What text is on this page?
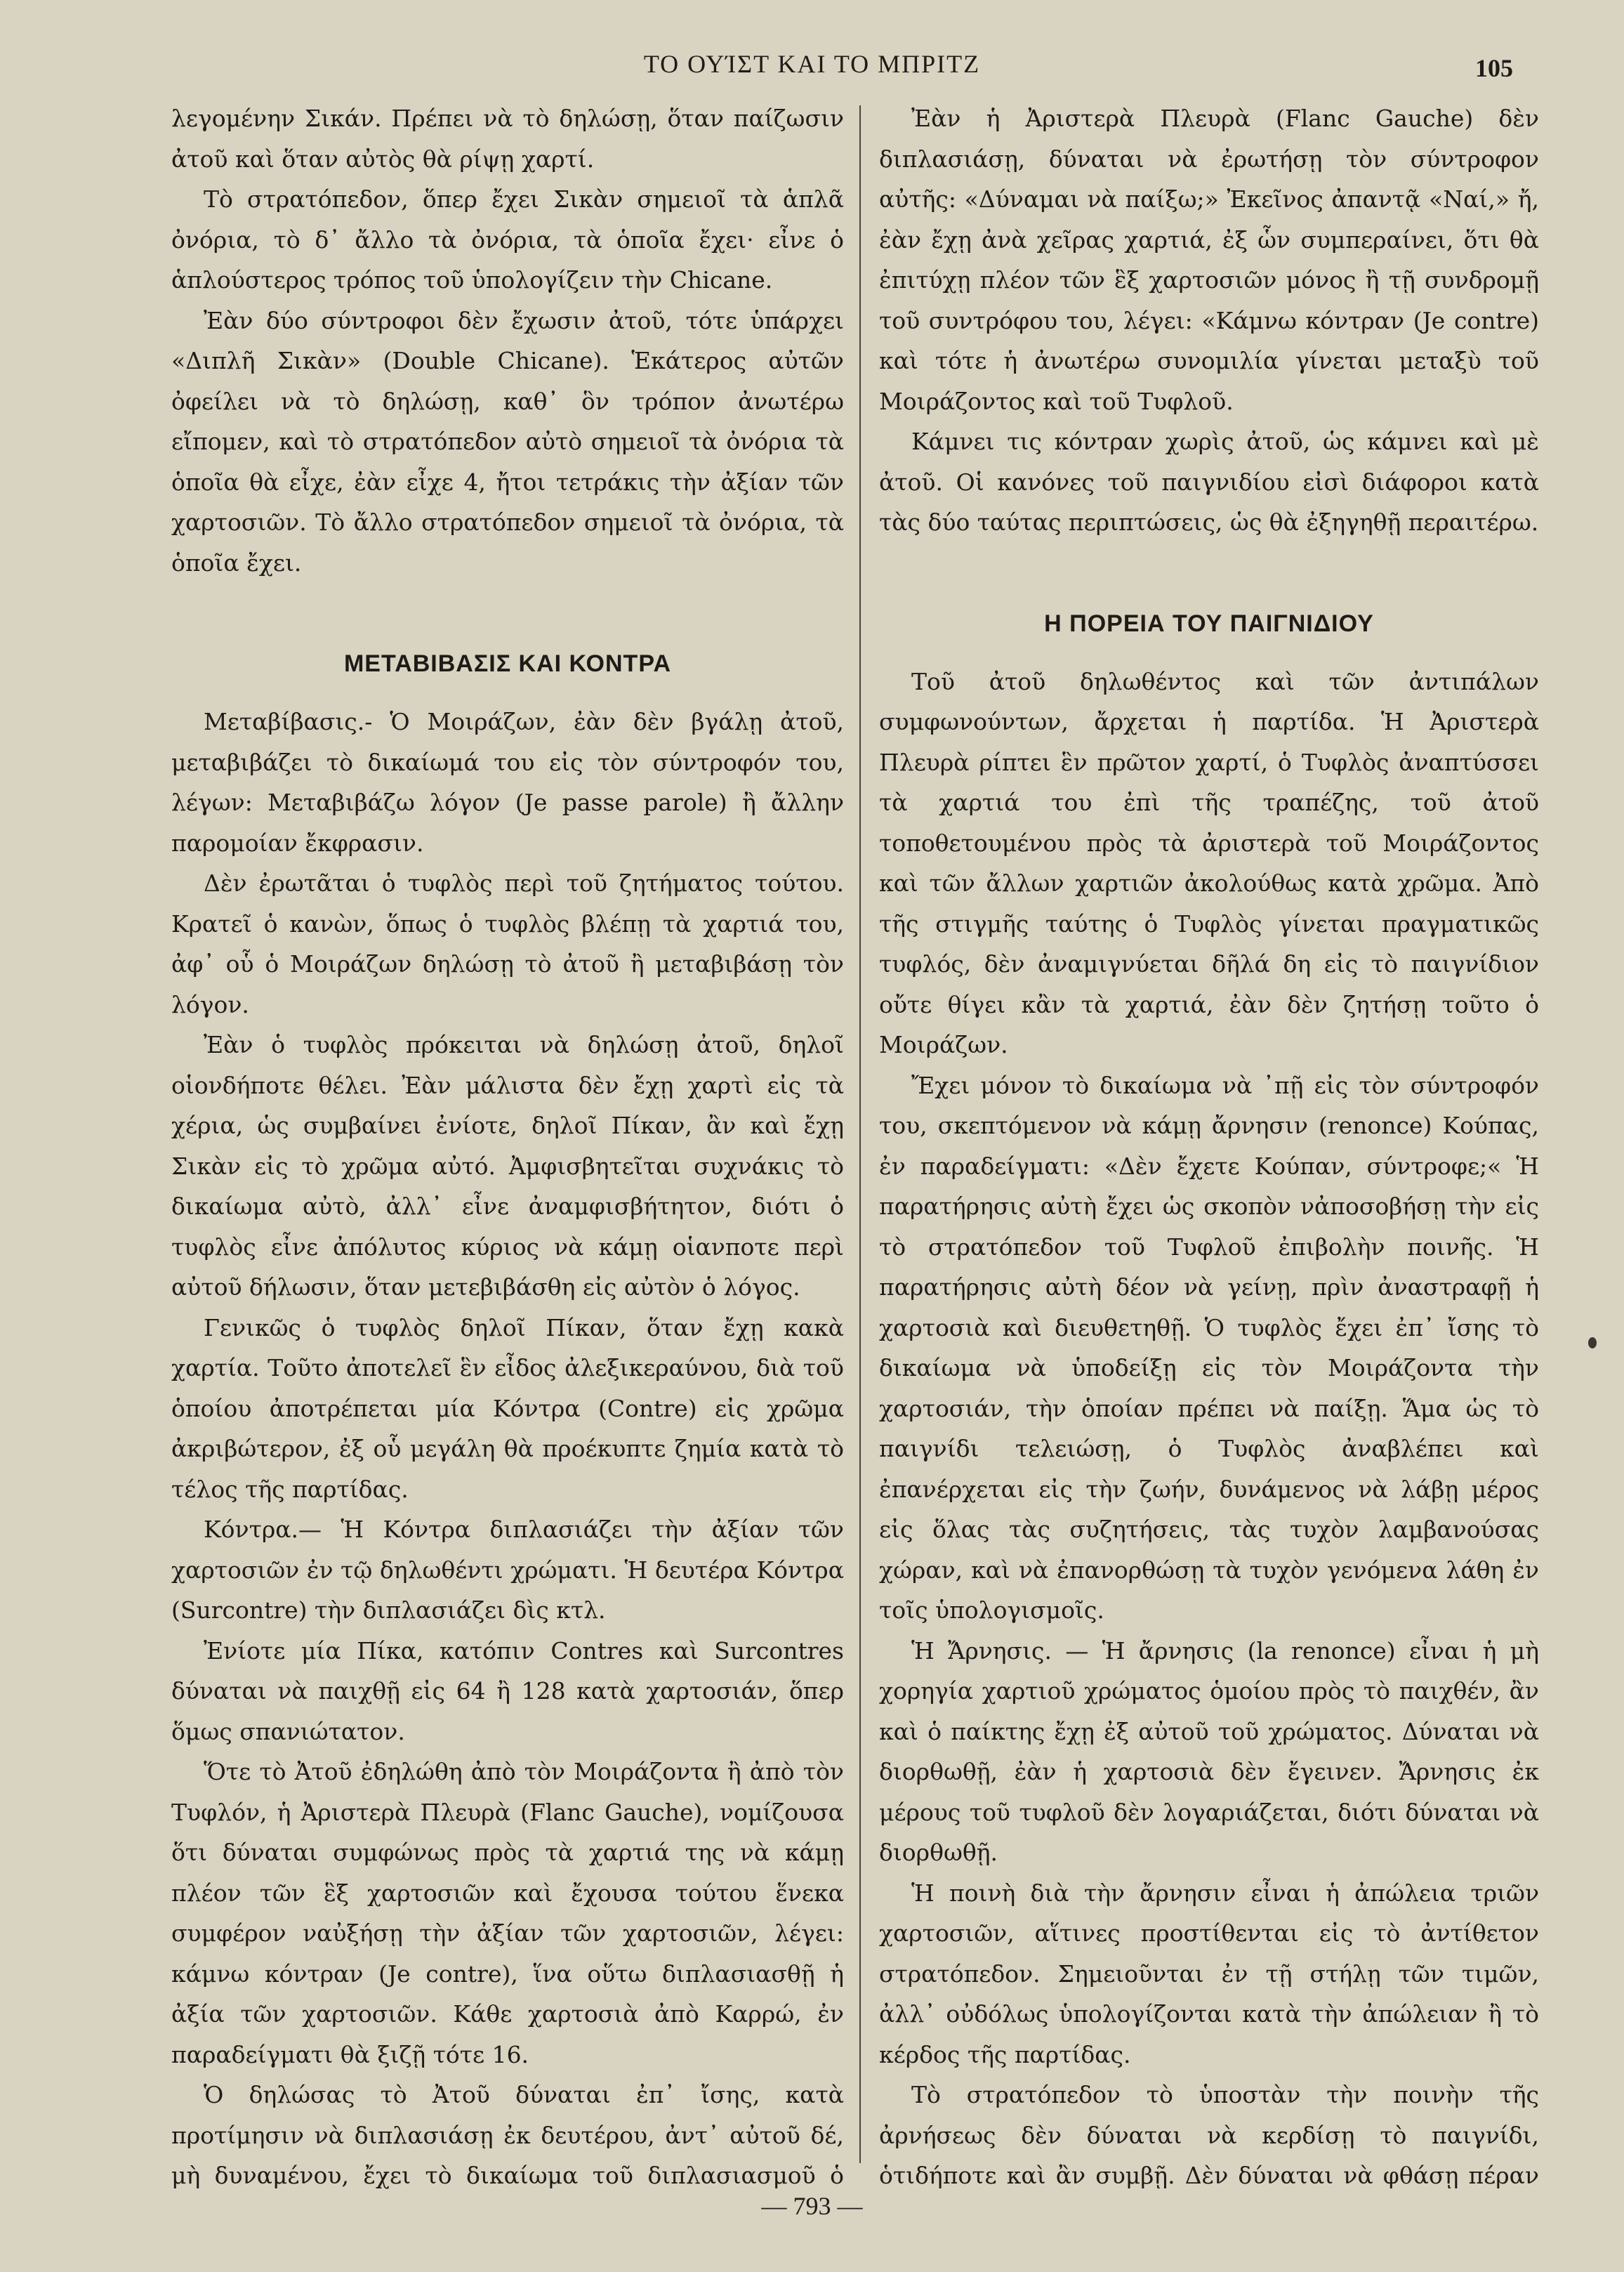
ΤΟ ΟΥΊΣΤ ΚΑΙ ΤΟ ΜΠΡΙΤΖ	105

λεγομένην Σικάν. Πρέπει νὰ τὸ δηλώσῃ, ὅταν παίζωσιν ἀτοῦ καὶ ὅταν αὐτὸς θὰ ρίψῃ χαρτί.

Τὸ στρατόπεδον, ὅπερ ἔχει Σικὰν σημειοῖ τὰ ἁπλᾶ ὀνόρια, τὸ δ᾽ ἄλλο τὰ ὀνόρια, τὰ ὁποῖα ἔχει· εἶνε ὁ ἁπλούστερος τρόπος τοῦ ὑπολογίζειν τὴν Chicane.

Ἐὰν δύο σύντροφοι δὲν ἔχωσιν ἀτοῦ, τότε ὑπάρχει «Διπλῆ Σικὰν» (Double Chicane). Ἑκάτερος αὐτῶν ὀφείλει νὰ τὸ δηλώσῃ, καθ᾽ ὃν τρόπον ἀνωτέρω εἴπομεν, καὶ τὸ στρατόπεδον αὐτὸ σημειοῖ τὰ ὀνόρια τὰ ὁποῖα θὰ εἶχε, ἐὰν εἶχε 4, ἤτοι τετράκις τὴν ἀξίαν τῶν χαρτοσιῶν. Τὸ ἄλλο στρατόπεδον σημειοῖ τὰ ὀνόρια, τὰ ὁποῖα ἔχει.

ΜΕΤΑΒΙΒΑΣΙΣ ΚΑΙ ΚΟΝΤΡΑ

Μεταβίβασις.- Ὁ Μοιράζων, ἐὰν δὲν βγάλῃ ἀτοῦ, μεταβιβάζει τὸ δικαίωμά του εἰς τὸν σύντροφόν του, λέγων: Μεταβιβάζω λόγον (Je passe parole) ἢ ἄλλην παρομοίαν ἔκφρασιν.

Δὲν ἐρωτᾶται ὁ τυφλὸς περὶ τοῦ ζητήματος τούτου. Κρατεῖ ὁ κανὼν, ὅπως ὁ τυφλὸς βλέπῃ τὰ χαρτιά του, ἀφ᾽ οὗ ὁ Μοιράζων δηλώσῃ τὸ ἀτοῦ ἢ μεταβιβάσῃ τὸν λόγον.

Ἐὰν ὁ τυφλὸς πρόκειται νὰ δηλώσῃ ἀτοῦ, δηλοῖ οἱονδήποτε θέλει. Ἐὰν μάλιστα δὲν ἔχῃ χαρτὶ εἰς τὰ χέρια, ὡς συμβαίνει ἐνίοτε, δηλοῖ Πίκαν, ἂν καὶ ἔχῃ Σικὰν εἰς τὸ χρῶμα αὐτό. Ἀμφισβητεῖται συχνάκις τὸ δικαίωμα αὐτὸ, ἀλλ᾽ εἶνε ἀναμφισβήτητον, διότι ὁ τυφλὸς εἶνε ἀπόλυτος κύριος νὰ κάμῃ οἱανποτε περὶ αὐτοῦ δήλωσιν, ὅταν μετεβιβάσθη εἰς αὐτὸν ὁ λόγος.

Γενικῶς ὁ τυφλὸς δηλοῖ Πίκαν, ὅταν ἔχῃ κακὰ χαρτία. Τοῦτο ἀποτελεῖ ἓν εἶδος ἀλεξικεραύνου, διὰ τοῦ ὁποίου ἀποτρέπεται μία Κόντρα (Contre) εἰς χρῶμα ἀκριβώτερον, ἐξ οὗ μεγάλη θὰ προέκυπτε ζημία κατὰ τὸ τέλος τῆς παρτίδας.

Κόντρα.— Ἡ Κόντρα διπλασιάζει τὴν ἀξίαν τῶν χαρτοσιῶν ἐν τῷ δηλωθέντι χρώματι. Ἡ δευτέρα Κόντρα (Surcontre) τὴν διπλασιάζει δὶς κτλ.

Ἐνίοτε μία Πίκα, κατόπιν Contres καὶ Surcontres δύναται νὰ παιχθῇ εἰς 64 ἢ 128 κατὰ χαρτοσιάν, ὅπερ ὅμως σπανιώτατον.

Ὅτε τὸ Ἀτοῦ ἐδηλώθη ἀπὸ τὸν Μοιράζοντα ἢ ἀπὸ τὸν Τυφλόν, ἡ Ἀριστερὰ Πλευρὰ (Flanc Gauche), νομίζουσα ὅτι δύναται συμφώνως πρὸς τὰ χαρτιά της νὰ κάμῃ πλέον τῶν ἓξ χαρτοσιῶν καὶ ἔχουσα τούτου ἕνεκα συμφέρον ναὐξήσῃ τὴν ἀξίαν τῶν χαρτοσιῶν, λέγει: κάμνω κόντραν (Je contre), ἵνα οὕτω διπλασιασθῇ ἡ ἀξία τῶν χαρτοσιῶν. Κάθε χαρτοσιὰ ἀπὸ Καρρώ, ἐν παραδείγματι θὰ ξιζῇ τότε 16.

Ὁ δηλώσας τὸ Ἀτοῦ δύναται ἐπ᾽ ἴσης, κατὰ προτίμησιν νὰ διπλασιάσῃ ἐκ δευτέρου, ἀντ᾽ αὐτοῦ δέ, μὴ δυναμένου, ἔχει τὸ δικαίωμα τοῦ διπλασιασμοῦ ὁ

Ἐὰν ἡ Ἀριστερὰ Πλευρὰ (Flanc Gauche) δὲν διπλασιάσῃ, δύναται νὰ ἐρωτήσῃ τὸν σύντροφον αὐτῆς: «Δύναμαι νὰ παίξω;» Ἐκεῖνος ἀπαντᾷ «Ναί,» ἤ, ἐὰν ἔχῃ ἀνὰ χεῖρας χαρτιά, ἐξ ὧν συμπεραίνει, ὅτι θὰ ἐπιτύχῃ πλέον τῶν ἓξ χαρτοσιῶν μόνος ἢ τῇ συνδρομῇ τοῦ συντρόφου του, λέγει: «Κάμνω κόντραν (Je contre) καὶ τότε ἡ ἀνωτέρω συνομιλία γίνεται μεταξὺ τοῦ Μοιράζοντος καὶ τοῦ Τυφλοῦ.

Κάμνει τις κόντραν χωρὶς ἀτοῦ, ὡς κάμνει καὶ μὲ ἀτοῦ. Οἱ κανόνες τοῦ παιγνιδίου εἰσὶ διάφοροι κατὰ τὰς δύο ταύτας περιπτώσεις, ὡς θὰ ἐξηγηθῇ περαιτέρω.

Η ΠΟΡΕΙΑ ΤΟΥ ΠΑΙΓΝΙΔΙΟΥ

Τοῦ ἀτοῦ δηλωθέντος καὶ τῶν ἀντιπάλων συμφωνούντων, ἄρχεται ἡ παρτίδα. Ἡ Ἀριστερὰ Πλευρὰ ρίπτει ἓν πρῶτον χαρτί, ὁ Τυφλὸς ἀναπτύσσει τὰ χαρτιά του ἐπὶ τῆς τραπέζης, τοῦ ἀτοῦ τοποθετουμένου πρὸς τὰ ἀριστερὰ τοῦ Μοιράζοντος καὶ τῶν ἄλλων χαρτιῶν ἀκολούθως κατὰ χρῶμα. Ἀπὸ τῆς στιγμῆς ταύτης ὁ Τυφλὸς γίνεται πραγματικῶς τυφλός, δὲν ἀναμιγνύεται δῆλά δη εἰς τὸ παιγνίδιον οὔτε θίγει κἂν τὰ χαρτιά, ἐὰν δὲν ζητήσῃ τοῦτο ὁ Μοιράζων.

Ἔχει μόνον τὸ δικαίωμα νὰ ᾽πῇ εἰς τὸν σύντροφόν του, σκεπτόμενον νὰ κάμῃ ἄρνησιν (renonce) Κούπας, ἐν παραδείγματι: «Δὲν ἔχετε Κούπαν, σύντροφε;« Ἡ παρατήρησις αὐτὴ ἔχει ὡς σκοπὸν νἀποσοβήσῃ τὴν εἰς τὸ στρατόπεδον τοῦ Τυφλοῦ ἐπιβολὴν ποινῆς. Ἡ παρατήρησις αὐτὴ δέον νὰ γείνῃ, πρὶν ἀναστραφῇ ἡ χαρτοσιὰ καὶ διευθετηθῇ. Ὁ τυφλὸς ἔχει ἐπ᾽ ἴσης τὸ δικαίωμα νὰ ὑποδείξῃ εἰς τὸν Μοιράζοντα τὴν χαρτοσιάν, τὴν ὁποίαν πρέπει νὰ παίξῃ. Ἅμα ὡς τὸ παιγνίδι τελειώσῃ, ὁ Τυφλὸς ἀναβλέπει καὶ ἐπανέρχεται εἰς τὴν ζωήν, δυνάμενος νὰ λάβῃ μέρος εἰς ὅλας τὰς συζητήσεις, τὰς τυχὸν λαμβανούσας χώραν, καὶ νὰ ἐπανορθώσῃ τὰ τυχὸν γενόμενα λάθη ἐν τοῖς ὑπολογισμοῖς.

Ἡ Ἄρνησις. — Ἡ ἄρνησις (la renonce) εἶναι ἡ μὴ χορηγία χαρτιοῦ χρώματος ὁμοίου πρὸς τὸ παιχθέν, ἂν καὶ ὁ παίκτης ἔχῃ ἐξ αὐτοῦ τοῦ χρώματος. Δύναται νὰ διορθωθῇ, ἐὰν ἡ χαρτοσιὰ δὲν ἔγεινεν. Ἄρνησις ἐκ μέρους τοῦ τυφλοῦ δὲν λογαριάζεται, διότι δύναται νὰ διορθωθῇ.

Ἡ ποινὴ διὰ τὴν ἄρνησιν εἶναι ἡ ἀπώλεια τριῶν χαρτοσιῶν, αἵτινες προστίθενται εἰς τὸ ἀντίθετον στρατόπεδον. Σημειοῦνται ἐν τῇ στήλῃ τῶν τιμῶν, ἀλλ᾽ οὐδόλως ὑπολογίζονται κατὰ τὴν ἀπώλειαν ἢ τὸ κέρδος τῆς παρτίδας.

Τὸ στρατόπεδον τὸ ὑποστὰν τὴν ποινὴν τῆς ἀρνήσεως δὲν δύναται νὰ κερδίσῃ τὸ παιγνίδι, ὁτιδήποτε καὶ ἂν συμβῇ. Δὲν δύναται νὰ φθάσῃ πέραν

— 793 —
